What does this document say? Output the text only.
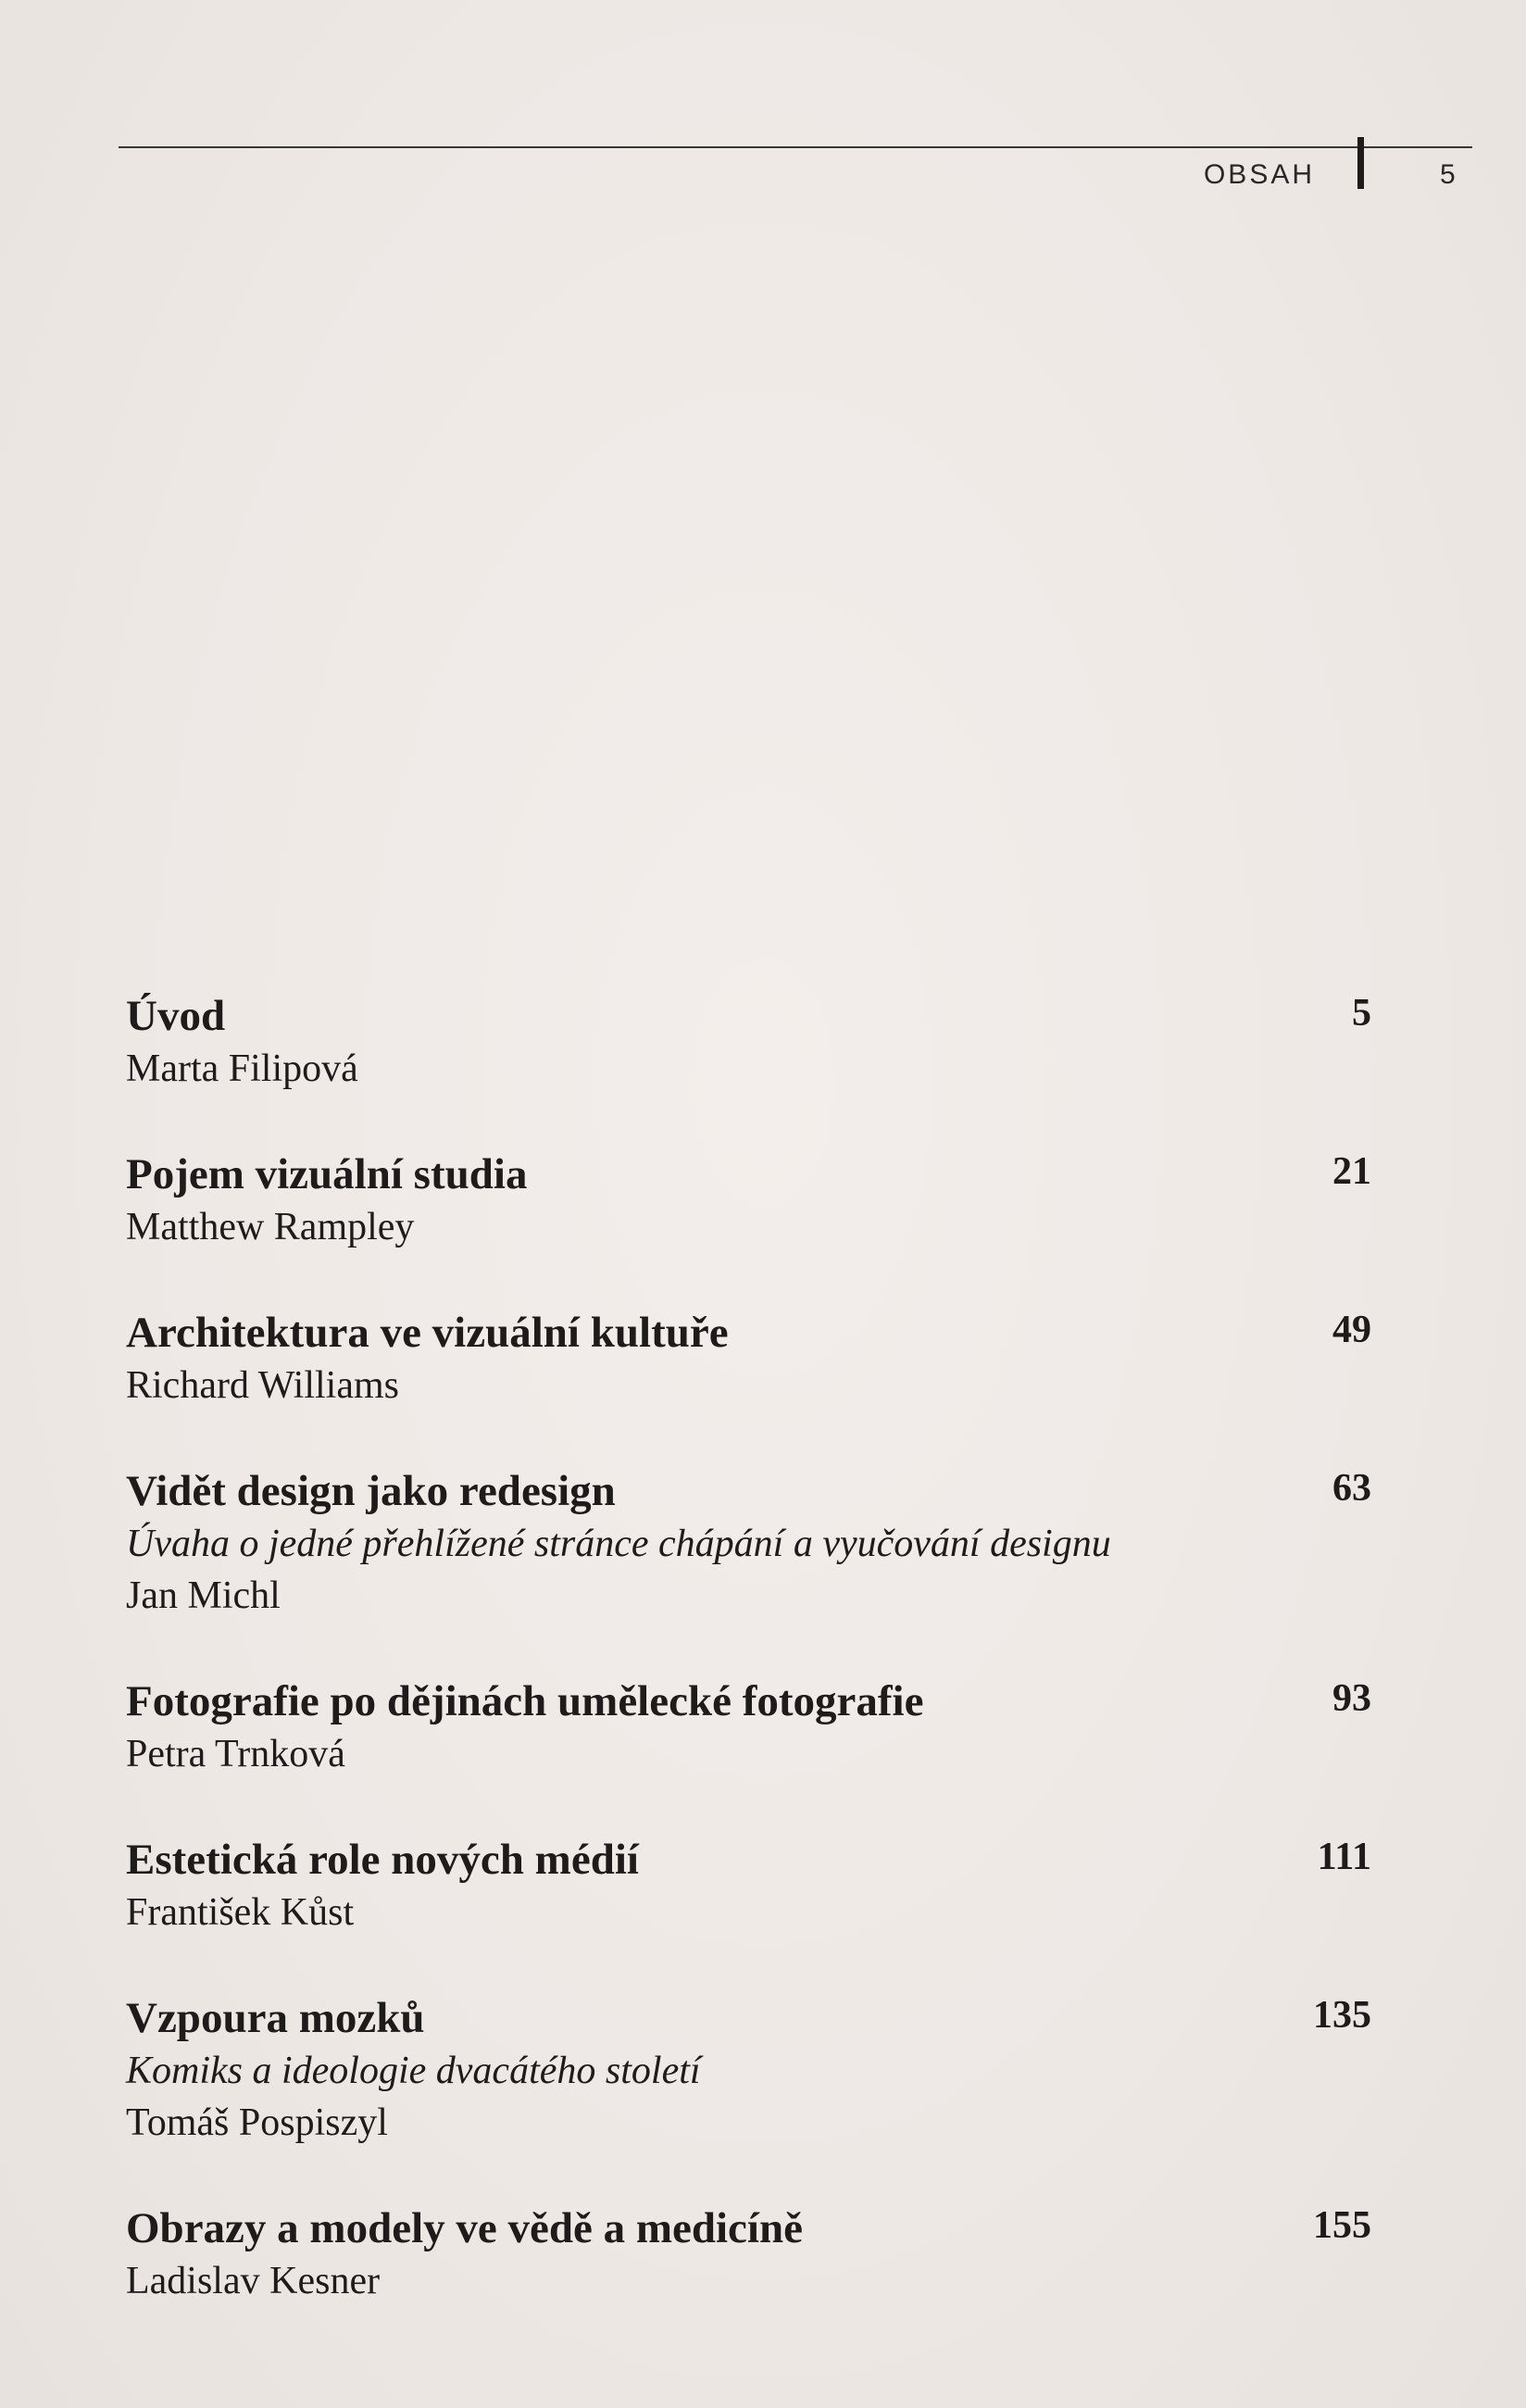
OBSAH	5
Úvod	5
Marta Filipová
Pojem vizuální studia	21
Matthew Rampley
Architektura ve vizuální kultuře	49
Richard Williams
Vidět design jako redesign	63
Úvaha o jedné přehlížené stránce chápání a vyučování designu
Jan Michl
Fotografie po dějinách umělecké fotografie	93
Petra Trnková
Estetická role nových médií	111
František Kůst
Vzpoura mozků	135
Komiks a ideologie dvacátého století
Tomáš Pospiszyl
Obrazy a modely ve vědě a medicíně	155
Ladislav Kesner
